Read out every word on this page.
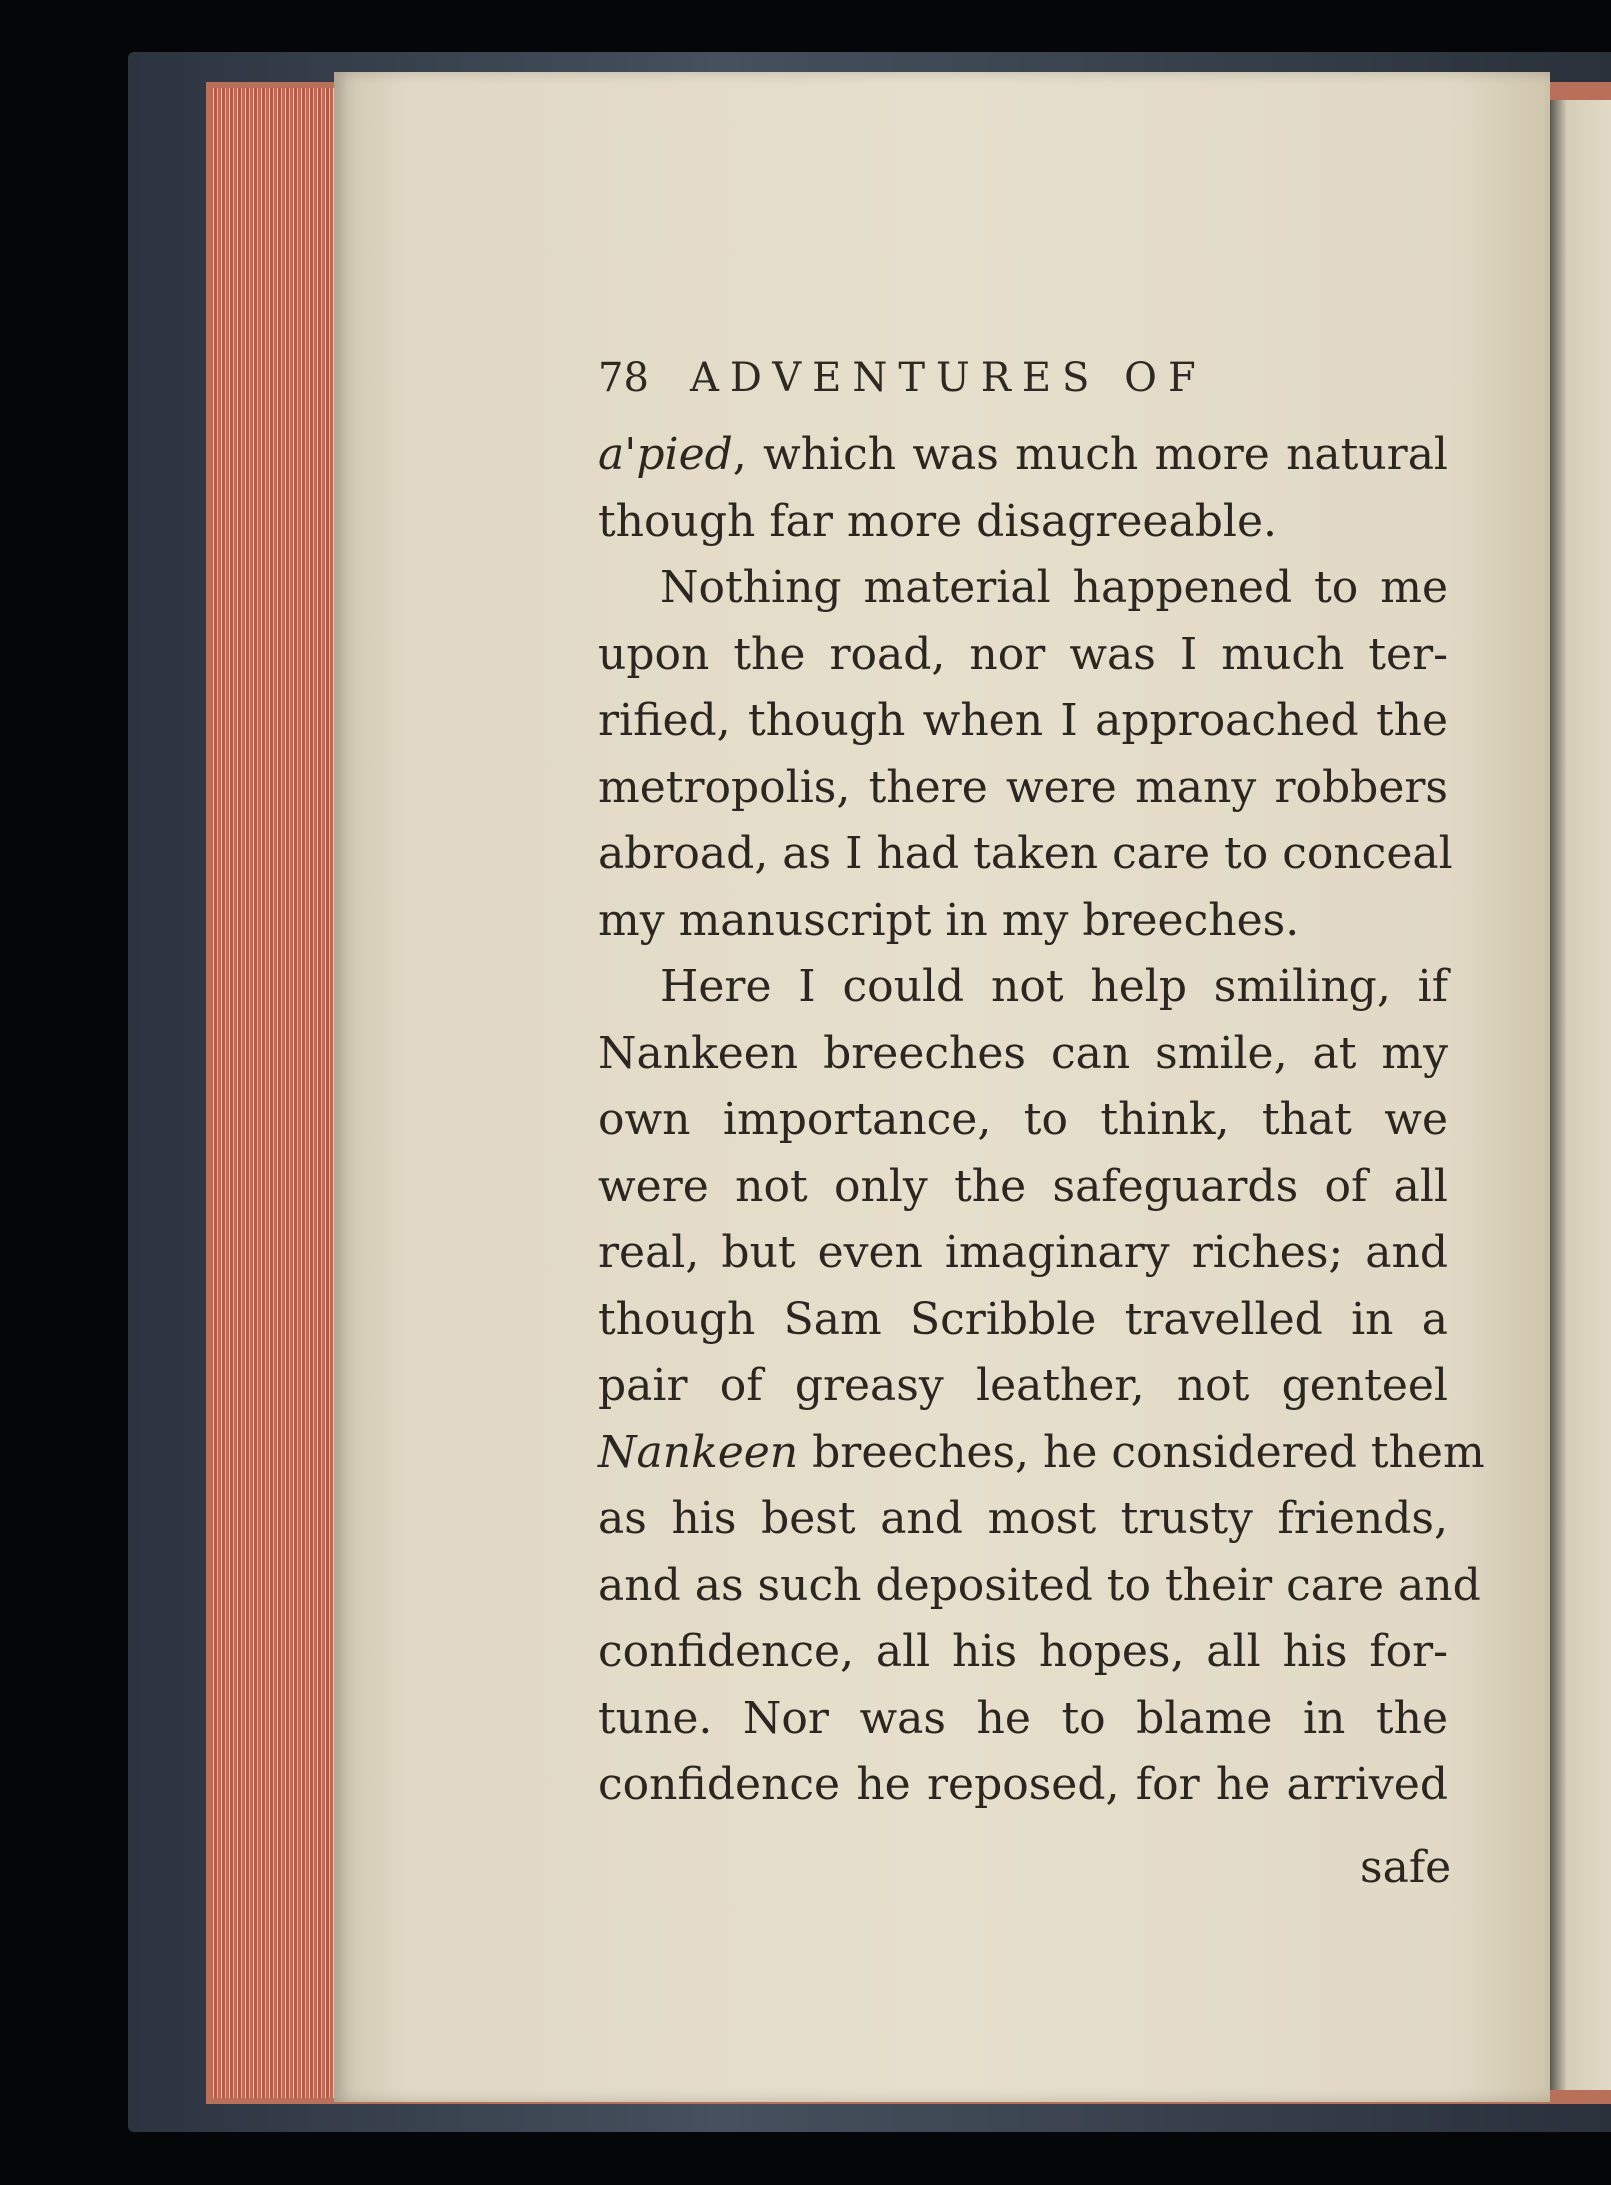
78	ADVENTURES OF
a'pied, which was much more natural
though far more disagreeable.
Nothing material happened to me
upon the road, nor was I much ter-
rified, though when I approached the
metropolis, there were many robbers
abroad, as I had taken care to conceal
my manuscript in my breeches.
Here I could not help smiling, if
Nankeen breeches can smile, at my
own importance, to think, that we
were not only the safeguards of all
real, but even imaginary riches; and
though Sam Scribble travelled in a
pair of greasy leather, not genteel
Nankeen breeches, he considered them
as his best and most trusty friends,
and as such deposited to their care and
confidence, all his hopes, all his for-
tune. Nor was he to blame in the
confidence he reposed, for he arrived
safe
